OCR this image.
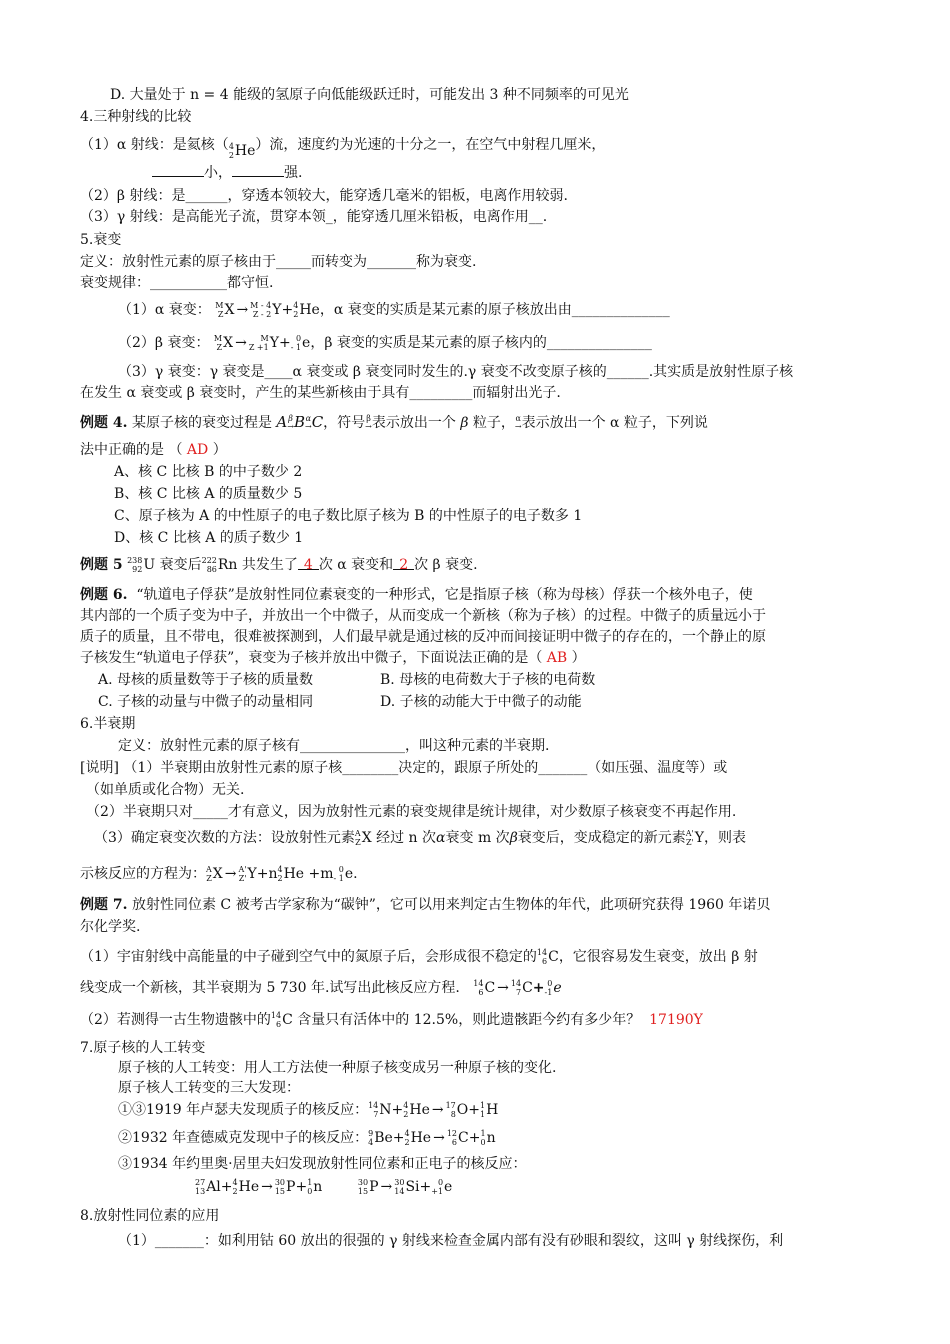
D. 大量处于 n = 4 能级的氢原子向低能级跃迁时，可能发出 3 种不同频率的可见光
4.三种射线的比较
（1）α 射线：是氦核（ 4
2 He ）流，速度约为光速的十分之一，在空气中射程几厘米，
小，	强.
（2）β 射线：是______，穿透本领较大，能穿透几毫米的铝板，电离作用较弱.
（3）γ 射线：是高能光子流，贯穿本领_，能穿透几厘米铅板，电离作用__.
5.衰变
定义：放射性元素的原子核由于_____而转变为_______称为衰变.
衰变规律：___________都守恒.
（1）α 衰变： M
Z X → M - 4
Z - 2 Y+ 4
2 He，α 衰变的实质是某元素的原子核放出由______________
（2）β 衰变： M
Z X →	M
Z +1 Y+ 0
- 1 e，β 衰变的实质是某元素的原子核内的_______________
（3）γ 衰变：γ 衰变是____α 衰变或 β 衰变同时发生的.γ 衰变不改变原子核的______.其实质是放射性原子核
在发生 α 衰变或 β 衰变时，产生的某些新核由于具有_________而辐射出光子.
例题 4. 某原子核的衰变过程是 A β
→ B α
→ C，符号 β
→ 表示放出一个 β 粒子， α
→ 表示放出一个 α 粒子，下列说
法中正确的是 （ AD ）
A、核 C 比核 B 的中子数少 2
B、核 C 比核 A 的质量数少 5
C、原子核为 A 的中性原子的电子数比原子核为 B 的中性原子的电子数多 1
D、核 C 比核 A 的质子数少 1
例题 5 238
92 U 衰变后 222
86 Rn 共发生了 4 次 α 衰变和 2 次 β 衰变.
例题 6. “轨道电子俘获”是放射性同位素衰变的一种形式，它是指原子核（称为母核）俘获一个核外电子，使
其内部的一个质子变为中子，并放出一个中微子，从而变成一个新核（称为子核）的过程。中微子的质量远小于
质子的质量，且不带电，很难被探测到，人们最早就是通过核的反冲而间接证明中微子的存在的，一个静止的原
子核发生“轨道电子俘获”，衰变为子核并放出中微子，下面说法正确的是（ AB ）
A. 母核的质量数等于子核的质量数	B. 母核的电荷数大于子核的电荷数
C. 子核的动量与中微子的动量相同	D. 子核的动能大于中微子的动能
6.半衰期
定义：放射性元素的原子核有_______________，叫这种元素的半衰期.
[说明] （1）半衰期由放射性元素的原子核________决定的，跟原子所处的_______（如压强、温度等）或
（如单质或化合物）无关.
（2）半衰期只对_____才有意义，因为放射性元素的衰变规律是统计规律，对少数原子核衰变不再起作用.
（3）确定衰变次数的方法：设放射性元素 A
Z X 经过 n 次α衰变 m 次β衰变后，变成稳定的新元素 A'
Z' Y，则表
示核反应的方程为： A
Z X → A'
Z' Y+n 4
2 He +m 0
- 1 e.
例题 7. 放射性同位素 C 被考古学家称为“碳钟”，它可以用来判定古生物体的年代，此项研究获得 1960 年诺贝
尔化学奖.
（1）宇宙射线中高能量的中子碰到空气中的氮原子后，会形成很不稳定的 14
6 C，它很容易发生衰变，放出 β 射
线变成一个新核，其半衰期为 5 730 年.试写出此核反应方程. 14
6 C → 14
7 C+ 0
-1 e
（2）若测得一古生物遗骸中的 14
6 C 含量只有活体中的 12.5%，则此遗骸距今约有多少年？ 17190Y
7.原子核的人工转变
原子核的人工转变：用人工方法使一种原子核变成另一种原子核的变化.
原子核人工转变的三大发现：
①③1919 年卢瑟夫发现质子的核反应： 14
7 N+ 4
2 He → 17
8 O+ 1
1 H
②1932 年查德威克发现中子的核反应： 9
4 Be+ 4
2 He → 12
6 C+ 1
0 n
③1934 年约里奥·居里夫妇发现放射性同位素和正电子的核反应：
27
13 Al+ 4
2 He → 30
15 P+ 1
0 n 30
15 P → 30
14 Si+ 0
+1 e
8.放射性同位素的应用
（1）_______：如利用钴 60 放出的很强的 γ 射线来检查金属内部有没有砂眼和裂纹，这叫 γ 射线探伤，利
